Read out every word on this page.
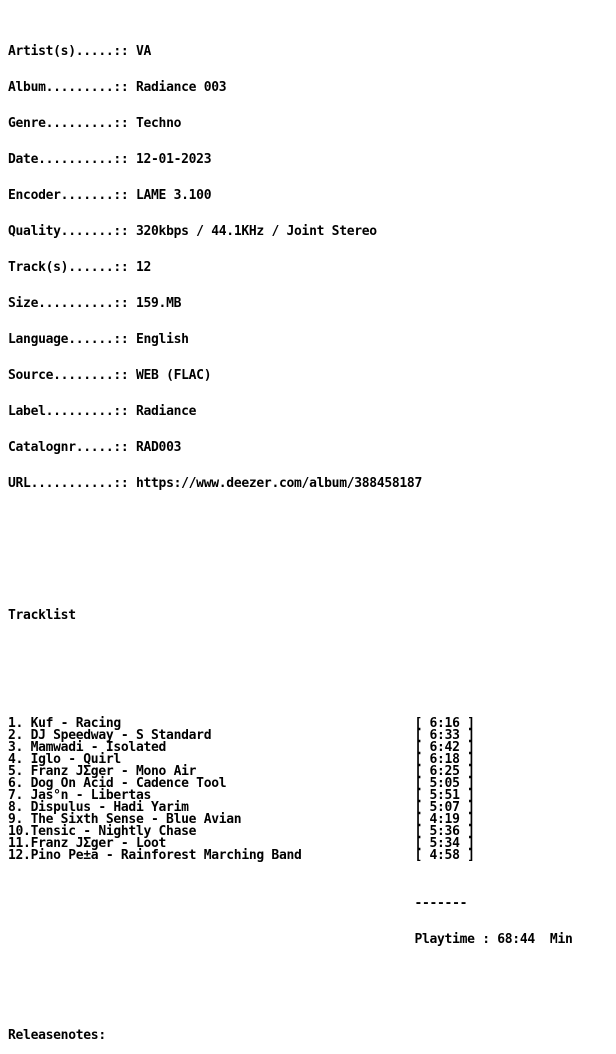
Artist(s).....:: VA

Album.........:: Radiance 003

Genre.........:: Techno

Date..........:: 12-01-2023

Encoder.......:: LAME 3.100

Quality.......:: 320kbps / 44.1KHz / Joint Stereo

Track(s)......:: 12

Size..........:: 159.MB

Language......:: English

Source........:: WEB (FLAC)

Label.........:: Radiance

Catalognr.....:: RAD003

URL...........:: https://www.deezer.com/album/388458187

Tracklist

1. Kuf - Racing	[ 6:16 ]
2. DJ Speedway - S Standard	[ 6:33 ]
3. Mamwadi - Isolated	[ 6:42 ]
4. Iglo - Quirl	[ 6:18 ]
5. Franz JΣger - Mono Air	[ 6:25 ]
6. Dog On Acid - Cadence Tool	[ 5:05 ]
7. Jas°n - Libertas	[ 5:51 ]
8. Dispulus - Hadi Yarim	[ 5:07 ]
9. The Sixth Sense - Blue Avian	[ 4:19 ]
10.Tensic - Nightly Chase	[ 5:36 ]
11.Franz JΣger - Loot	[ 5:34 ]
12.Pino Pe±a - Rainforest Marching Band	[ 4:58 ]

-------

Playtime : 68:44  Min

Releasenotes:
